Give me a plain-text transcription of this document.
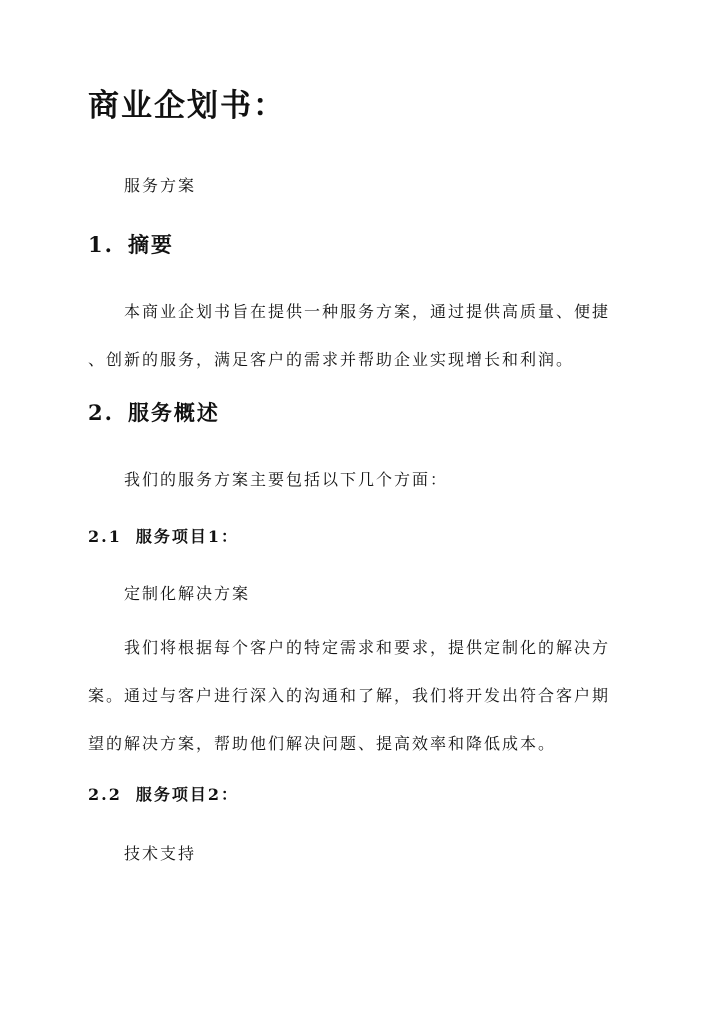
商业企划书：

服务方案

1. 摘要
本商业企划书旨在提供一种服务方案，通过提供高质量、便捷
、创新的服务，满足客户的需求并帮助企业实现增长和利润。
2. 服务概述

我们的服务方案主要包括以下几个方面：

2.1 服务项目1：

定制化解决方案

我们将根据每个客户的特定需求和要求，提供定制化的解决方
案。通过与客户进行深入的沟通和了解，我们将开发出符合客户期
望的解决方案，帮助他们解决问题、提高效率和降低成本。
2.2 服务项目2：

技术支持
